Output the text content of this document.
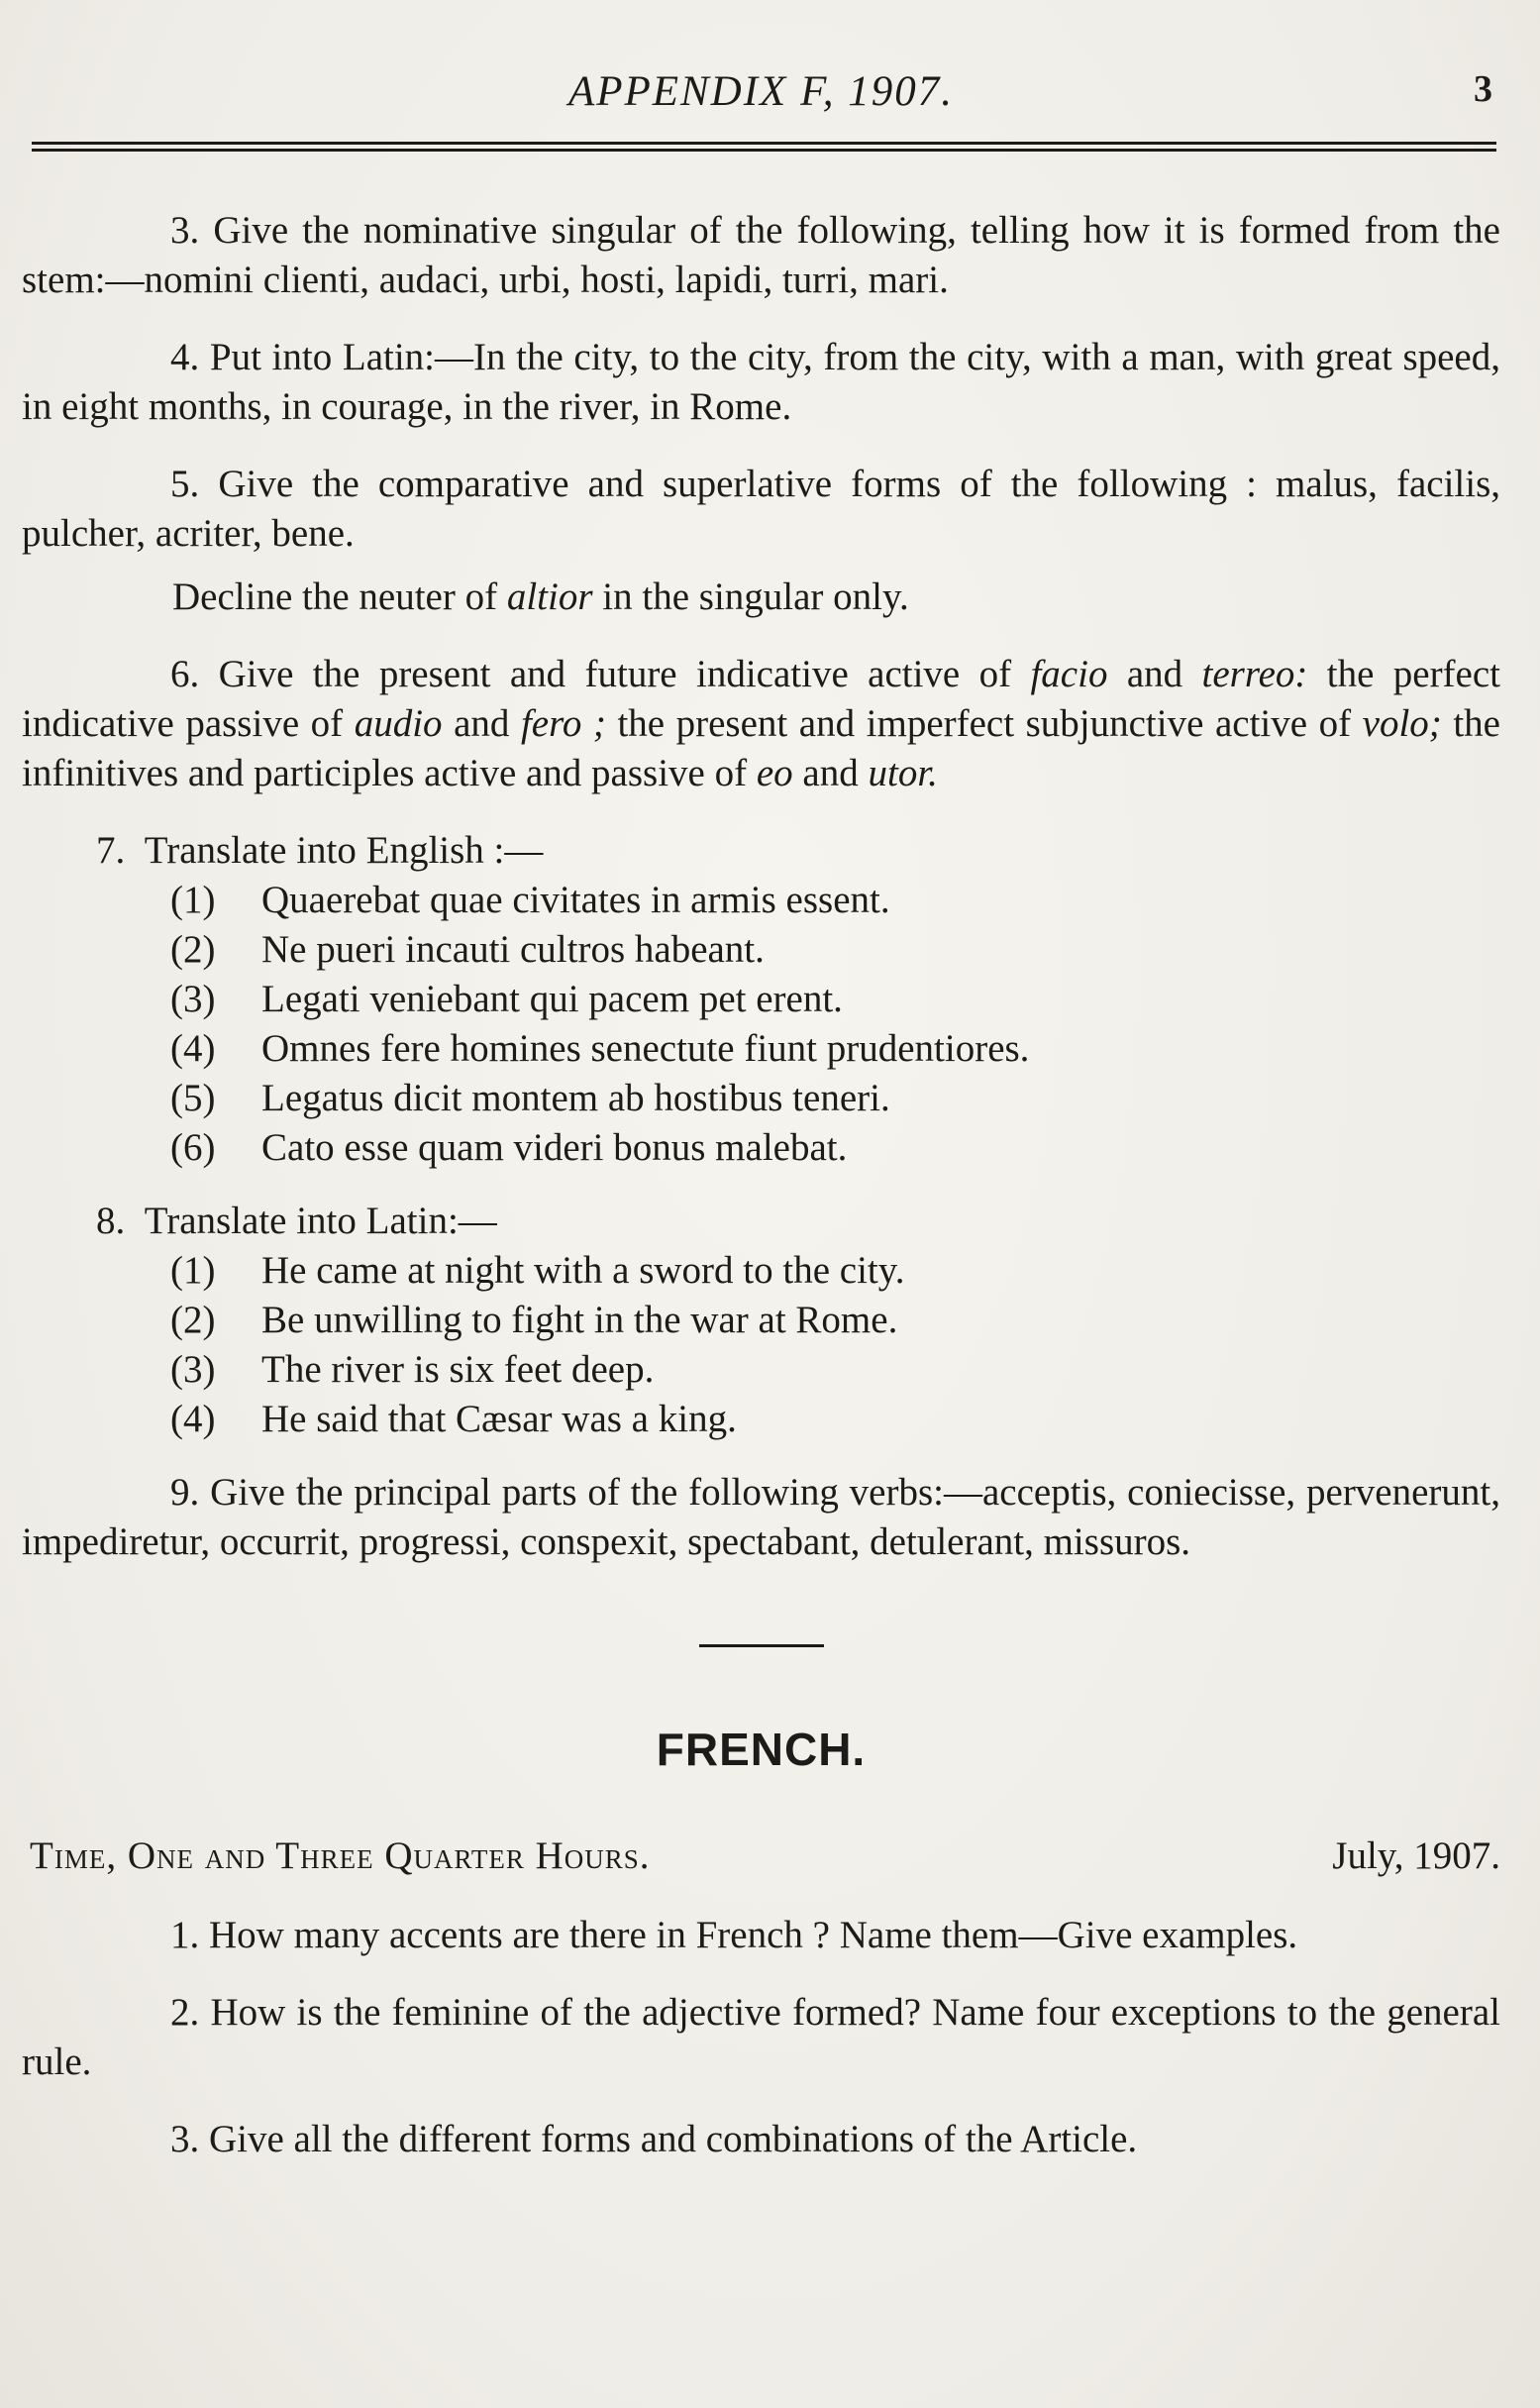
APPENDIX F, 1907.	3

3. Give the nominative singular of the following, telling how it is formed from the stem:—nomini clienti, audaci, urbi, hosti, lapidi, turri, mari.

4. Put into Latin:—In the city, to the city, from the city, with a man, with great speed, in eight months, in courage, in the river, in Rome.

5. Give the comparative and superlative forms of the following : malus, facilis, pulcher, acriter, bene.

Decline the neuter of altior in the singular only.

6. Give the present and future indicative active of facio and terreo: the perfect indicative passive of audio and fero ; the present and imperfect subjunctive active of volo; the infinitives and participles active and passive of eo and utor.

7. Translate into English :—

(1)	Quaerebat quae civitates in armis essent.
(2)	Ne pueri incauti cultros habeant.
(3)	Legati veniebant qui pacem pet erent.
(4)	Omnes fere homines senectute fiunt prudentiores.
(5)	Legatus dicit montem ab hostibus teneri.
(6)	Cato esse quam videri bonus malebat.

8. Translate into Latin:—

(1)	He came at night with a sword to the city.
(2)	Be unwilling to fight in the war at Rome.
(3)	The river is six feet deep.
(4)	He said that Cæsar was a king.

9. Give the principal parts of the following verbs:—acceptis, coniecisse, pervenerunt, impediretur, occurrit, progressi, conspexit, spectabant, detulerant, missuros.

FRENCH.
Time, One and Three Quarter Hours.	July, 1907.

1. How many accents are there in French ? Name them—Give examples.

2. How is the feminine of the adjective formed? Name four exceptions to the general rule.

3. Give all the different forms and combinations of the Article.
